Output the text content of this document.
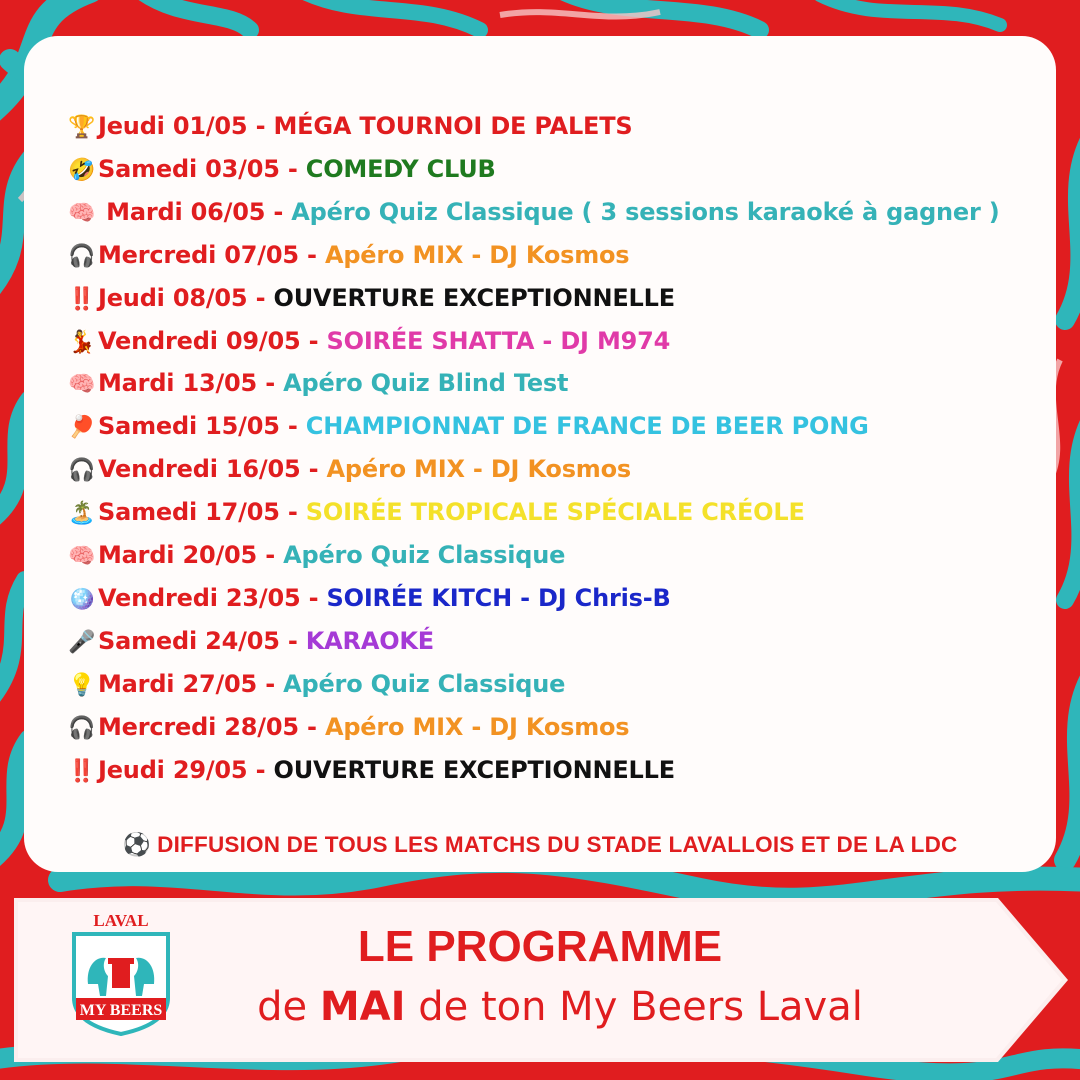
🏆 Jeudi 01/05 - MÉGA TOURNOI DE PALETS
🤣 Samedi 03/05 - COMEDY CLUB
🧠 Mardi 06/05 - Apéro Quiz Classique ( 3 sessions karaoké à gagner )
🎧 Mercredi 07/05 - Apéro MIX - DJ Kosmos
‼️ Jeudi 08/05 - OUVERTURE EXCEPTIONNELLE
💃 Vendredi 09/05 - SOIRÉE SHATTA - DJ M974
🧠 Mardi 13/05 - Apéro Quiz Blind Test
🏓 Samedi 15/05 - CHAMPIONNAT DE FRANCE DE BEER PONG
🎧 Vendredi 16/05 - Apéro MIX - DJ Kosmos
🏝️ Samedi 17/05 - SOIRÉE TROPICALE SPÉCIALE CRÉOLE
🧠 Mardi 20/05 - Apéro Quiz Classique
🪩 Vendredi 23/05 - SOIRÉE KITCH - DJ Chris-B
🎤 Samedi 24/05 - KARAOKÉ
💡 Mardi 27/05 - Apéro Quiz Classique
🎧 Mercredi 28/05 - Apéro MIX - DJ Kosmos
‼️ Jeudi 29/05 - OUVERTURE EXCEPTIONNELLE
⚽ DIFFUSION DE TOUS LES MATCHS DU STADE LAVALLOIS ET DE LA LDC
LAVAL
MY BEERS
LE PROGRAMME
de MAI de ton My Beers Laval
